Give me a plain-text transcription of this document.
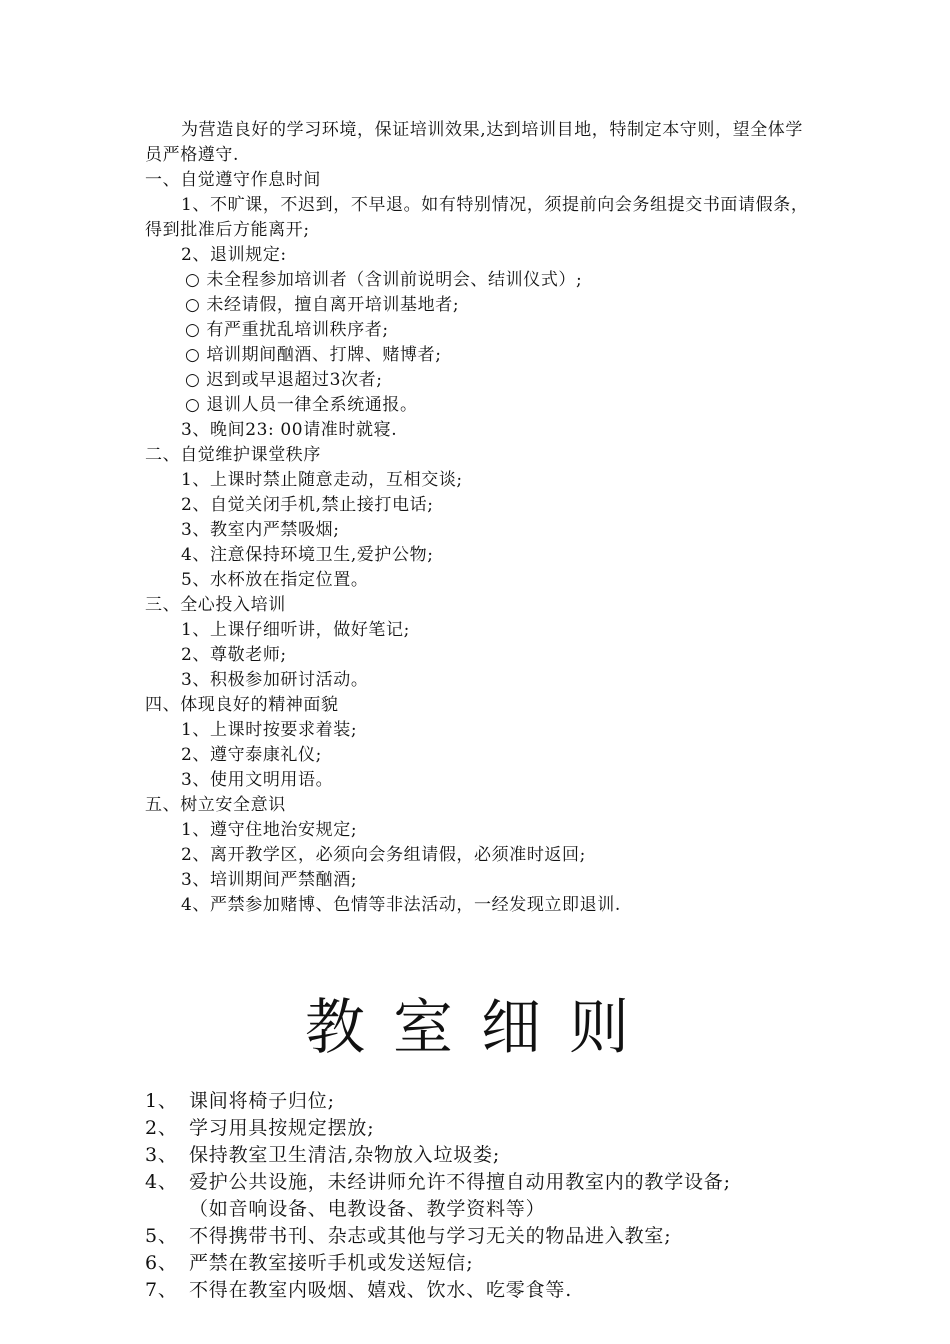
为营造良好的学习环境，保证培训效果,达到培训目地，特制定本守则，望全体学员严格遵守.

一、自觉遵守作息时间

1、不旷课，不迟到，不早退。如有特别情况，须提前向会务组提交书面请假条，得到批准后方能离开;

2、退训规定:

○ 未全程参加培训者（含训前说明会、结训仪式）;

○ 未经请假，擅自离开培训基地者;

○ 有严重扰乱培训秩序者;

○ 培训期间酗酒、打牌、赌博者;

○ 迟到或早退超过3次者;

○ 退训人员一律全系统通报。

3、晚间23: 00请准时就寝.

二、自觉维护课堂秩序

1、上课时禁止随意走动，互相交谈;

2、自觉关闭手机,禁止接打电话;

3、教室内严禁吸烟;

4、注意保持环境卫生,爱护公物;

5、水杯放在指定位置。

三、全心投入培训

1、上课仔细听讲，做好笔记;

2、尊敬老师;

3、积极参加研讨活动。

四、体现良好的精神面貌

1、上课时按要求着装;

2、遵守泰康礼仪;

3、使用文明用语。

五、树立安全意识

1、遵守住地治安规定;

2、离开教学区，必须向会务组请假，必须准时返回;

3、培训期间严禁酗酒;

4、严禁参加赌博、色情等非法活动，一经发现立即退训.

教室细则
1、 课间将椅子归位;
2、 学习用具按规定摆放;
3、 保持教室卫生清洁,杂物放入垃圾娄;
4、 爱护公共设施，未经讲师允许不得擅自动用教室内的教学设备;

（如音响设备、电教设备、教学资料等）

5、 不得携带书刊、杂志或其他与学习无关的物品进入教室;
6、 严禁在教室接听手机或发送短信;
7、 不得在教室内吸烟、嬉戏、饮水、吃零食等.
